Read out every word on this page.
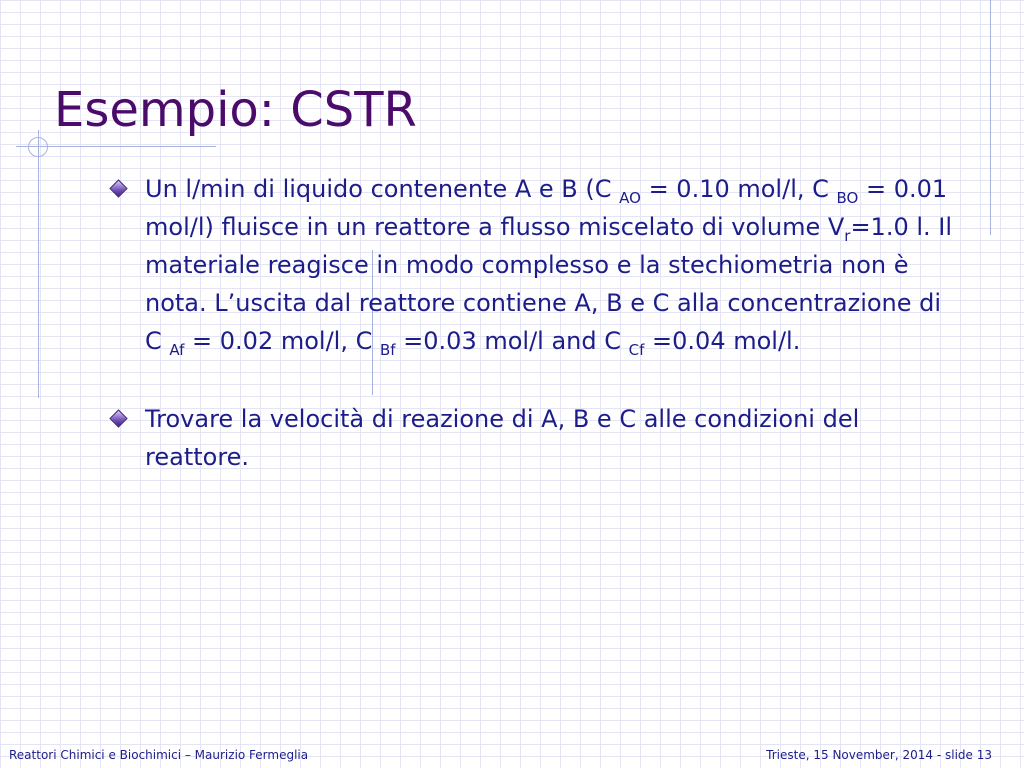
Esempio: CSTR
Un l/min di liquido contenente A e B (C $_{AO}$ = 0.10 mol/l, C $_{BO}$ = 0.01 mol/l) fluisce in un reattore a flusso miscelato di volume $V_r=1.0$ l. Il materiale reagisce in modo complesso e la stechiometria non è nota. L’uscita dal reattore contiene A, B e C alla concentrazione di C $_{Af}$ = 0.02 mol/l, C $_{Bf}$ =0.03 mol/l and C $_{Cf}$ =0.04 mol/l.
Trovare la velocità di reazione di A, B e C alle condizioni del reattore.
Reattori Chimici e Biochimici – Maurizio Fermeglia	Trieste, 15 November, 2014 - slide 13
